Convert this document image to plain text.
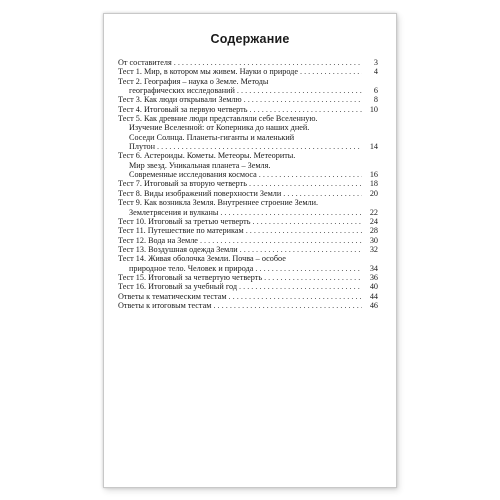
Содержание
От составителя . . .	3
Тест 1. Мир, в котором мы живем. Науки о природе . . .	4
Тест 2. География – наука о Земле. Методы
географических исследований . . .	6
Тест 3. Как люди открывали Землю . . .	8
Тест 4. Итоговый за первую четверть . . .	10
Тест 5. Как древние люди представляли себе Вселенную.
Изучение Вселенной: от Коперника до наших дней.
Соседи Солнца. Планеты-гиганты и маленький
Плутон . . .	14
Тест 6. Астероиды. Кометы. Метеоры. Метеориты.
Мир звезд. Уникальная планета – Земля.
Современные исследования космоса . . .	16
Тест 7. Итоговый за вторую четверть . . .	18
Тест 8. Виды изображений поверхности Земли . . .	20
Тест 9. Как возникла Земля. Внутреннее строение Земли.
Землетрясения и вулканы . . .	22
Тест 10. Итоговый за третью четверть . . .	24
Тест 11. Путешествие по материкам . . .	28
Тест 12. Вода на Земле . . .	30
Тест 13. Воздушная одежда Земли . . .	32
Тест 14. Живая оболочка Земли. Почва – особое
природное тело. Человек и природа . . .	34
Тест 15. Итоговый за четвертую четверть . . .	36
Тест 16. Итоговый за учебный год . . .	40
Ответы к тематическим тестам . . .	44
Ответы к итоговым тестам . . .	46
